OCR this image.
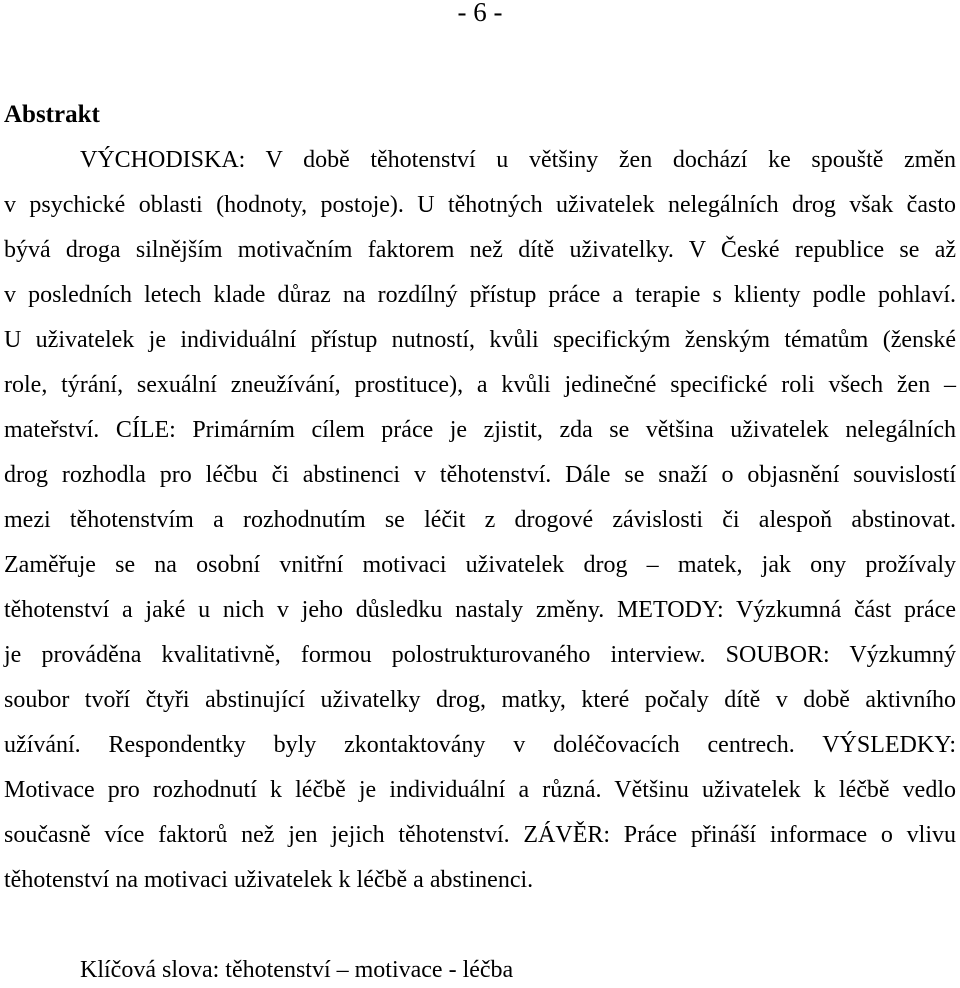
- 6 -
Abstrakt
VÝCHODISKA: V době těhotenství u většiny žen dochází ke spouště změn
v psychické oblasti (hodnoty, postoje). U těhotných uživatelek nelegálních drog však často
bývá droga silnějším motivačním faktorem než dítě uživatelky. V České republice se až
v posledních letech klade důraz na rozdílný přístup práce a terapie s klienty podle pohlaví.
U uživatelek je individuální přístup nutností, kvůli specifickým ženským tématům (ženské
role, týrání, sexuální zneužívání, prostituce), a kvůli jedinečné specifické roli všech žen –
mateřství. CÍLE: Primárním cílem práce je zjistit, zda se většina uživatelek nelegálních
drog rozhodla pro léčbu či abstinenci v těhotenství. Dále se snaží o objasnění souvislostí
mezi těhotenstvím a rozhodnutím se léčit z drogové závislosti či alespoň abstinovat.
Zaměřuje se na osobní vnitřní motivaci uživatelek drog – matek, jak ony prožívaly
těhotenství a jaké u nich v jeho důsledku nastaly změny. METODY: Výzkumná část práce
je prováděna kvalitativně, formou polostrukturovaného interview. SOUBOR: Výzkumný
soubor tvoří čtyři abstinující uživatelky drog, matky, které počaly dítě v době aktivního
užívání. Respondentky byly zkontaktovány v doléčovacích centrech. VÝSLEDKY:
Motivace pro rozhodnutí k léčbě je individuální a různá. Většinu uživatelek k léčbě vedlo
současně více faktorů než jen jejich těhotenství. ZÁVĚR: Práce přináší informace o vlivu
těhotenství na motivaci uživatelek k léčbě a abstinenci.
Klíčová slova: těhotenství – motivace - léčba
